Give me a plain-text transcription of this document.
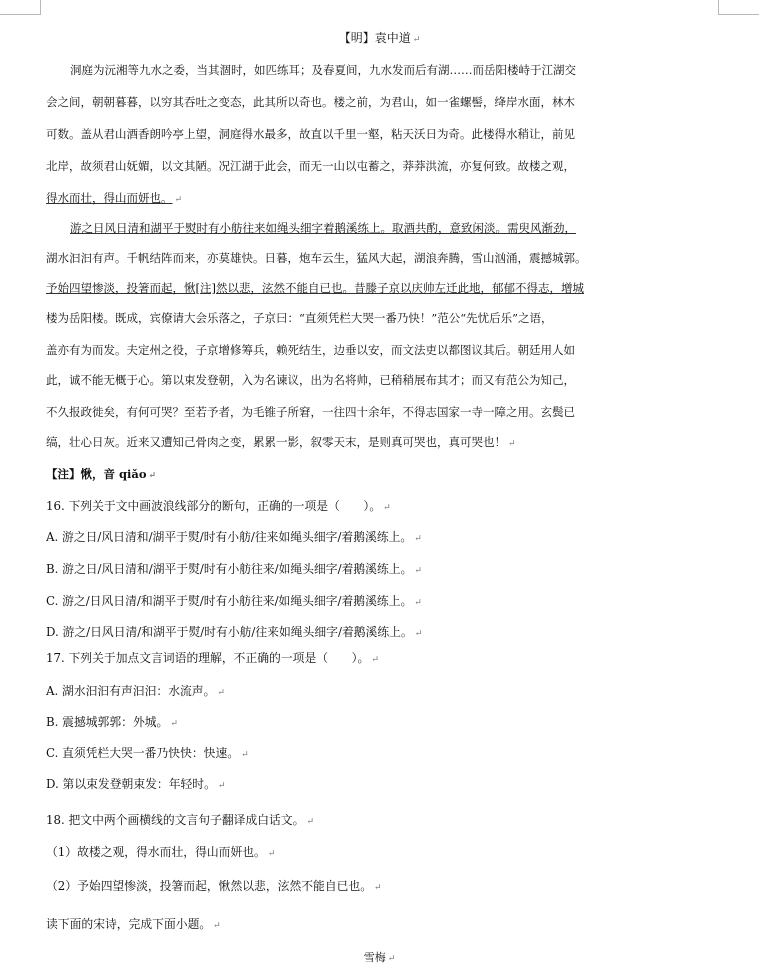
【明】袁中道 ↵
洞庭为沅湘等九水之委，当其涸时，如匹练耳；及春夏间，九水发而后有湖……而岳阳楼峙于江湖交
会之间，朝朝暮暮，以穷其吞吐之变态，此其所以奇也。楼之前，为君山，如一雀螺髻，绛岸水面，林木
可数。盖从君山酒香朗吟亭上望，洞庭得水最多，故直以千里一壑，粘天沃日为奇。此楼得水稍让，前见
北岸，故须君山妩媚，以文其陋。况江湖于此会，而无一山以屯蓄之，莽莽洪流，亦复何致。故楼之观，
得水而壮，得山而妍也。 ↵
游之日风日清和湖平于熨时有小舫往来如绳头细字着鹅溪练上。取酒共酌，意致闲淡。需臾风渐劲，
湖水汩汩有声。千帆结阵而来，亦莫雄快。日暮，炮车云生，猛风大起，湖浪奔腾，雪山汹涌，震撼城郭。
予始四望惨淡，投箸而起，愀[注]然以悲，泫然不能自已也。昔滕子京以庆帅左迁此地，郁郁不得志，增城
楼为岳阳楼。既成，宾僚请大会乐落之，子京曰：“直须凭栏大哭一番乃快！”范公“先忧后乐”之语，
盖亦有为而发。夫定州之役，子京增修筹兵，赖死结生，边垂以安，而文法吏以都图议其后。朝廷用人如
此，诚不能无概于心。第以束发登朝，入为名谏议，出为名将帅，已稍稍展布其才；而又有范公为知己，
不久报政徙矣，有何可哭？至若予者，为毛锥子所窘，一往四十余年，不得志国家一寺一障之用。玄鬓已
缟，壮心日灰。近来又遭知己骨肉之变，累累一影，叙零天末，是则真可哭也，真可哭也！ ↵
【注】愀，音 qiǎo ↵
16. 下列关于文中画波浪线部分的断句，正确的一项是（　　）。 ↵
A. 游之日/风日清和/湖平于熨/时有小舫/往来如绳头细字/着鹅溪练上。 ↵
B. 游之日/风日清和/湖平于熨/时有小舫往来/如绳头细字/着鹅溪练上。 ↵
C. 游之/日风日清/和湖平于熨/时有小舫往来/如绳头细字/着鹅溪练上。 ↵
D. 游之/日风日清/和湖平于熨/时有小舫/往来如绳头细字/着鹅溪练上。 ↵
17. 下列关于加点文言词语的理解，不正确的一项是（　　）。 ↵
A. 湖水汩汩有声汩汩：水流声。 ↵
B. 震撼城郭郭：外城。 ↵
C. 直须凭栏大哭一番乃快快：快速。 ↵
D. 第以束发登朝束发：年轻时。 ↵
18. 把文中两个画横线的文言句子翻译成白话文。 ↵
（1）故楼之观，得水而壮，得山而妍也。 ↵
（2）予始四望惨淡，投箸而起，愀然以悲，泫然不能自已也。 ↵
读下面的宋诗，完成下面小题。 ↵
雪梅 ↵
